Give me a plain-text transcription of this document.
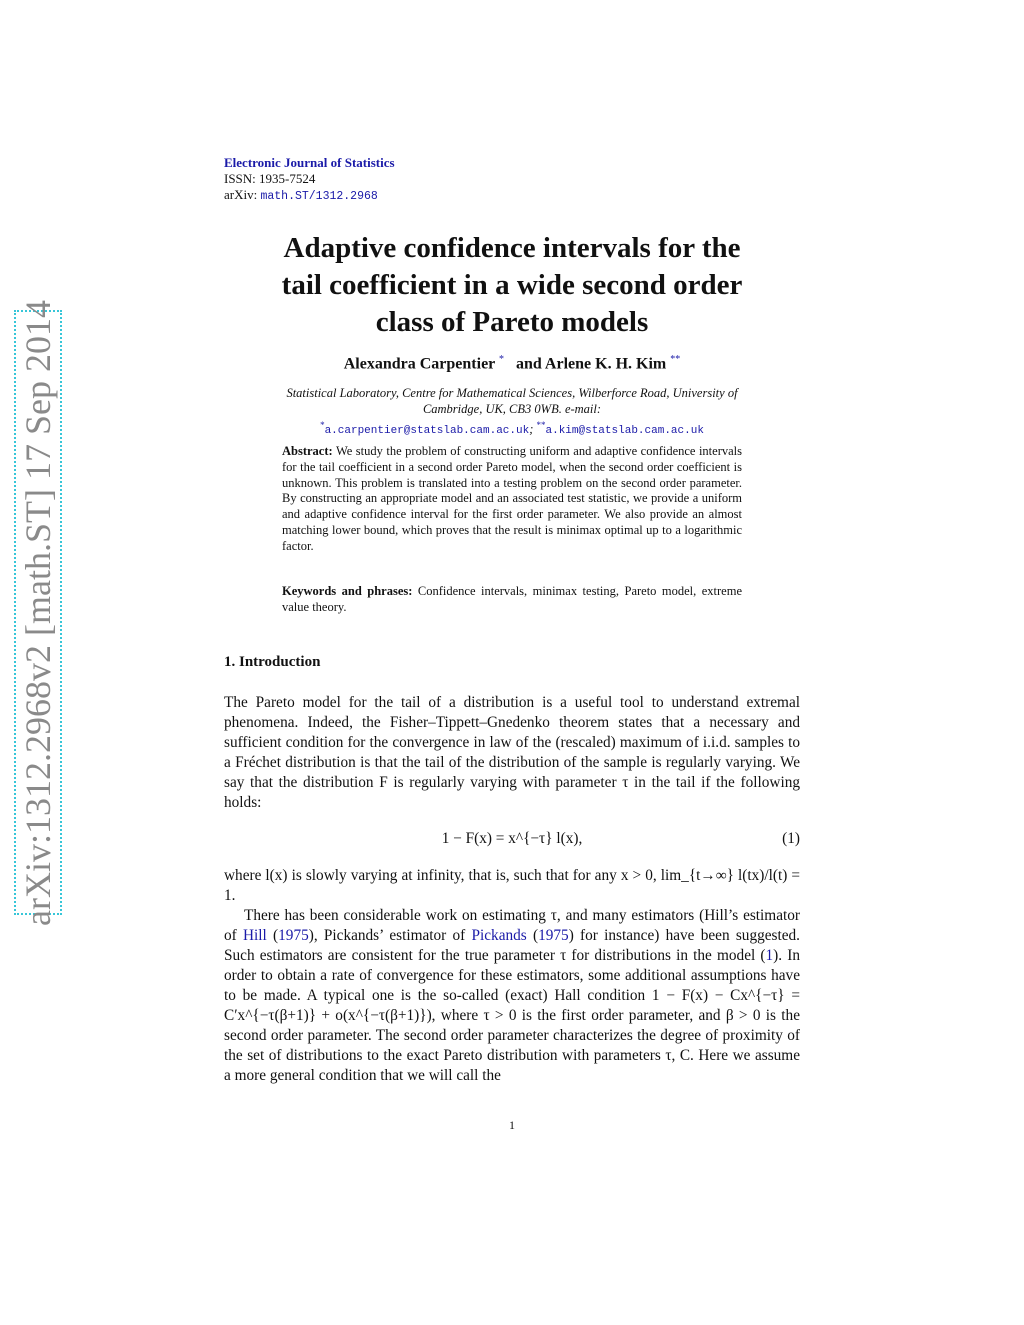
arXiv:1312.2968v2 [math.ST] 17 Sep 2014
Electronic Journal of Statistics
ISSN: 1935-7524
arXiv: math.ST/1312.2968
Adaptive confidence intervals for the
tail coefficient in a wide second order
class of Pareto models
Alexandra Carpentier * and Arlene K. H. Kim **
Statistical Laboratory, Centre for Mathematical Sciences, Wilberforce Road, University of
Cambridge, UK, CB3 0WB. e-mail:
*a.carpentier@statslab.cam.ac.uk; **a.kim@statslab.cam.ac.uk
Abstract: We study the problem of constructing uniform and adaptive confidence intervals for the tail coefficient in a second order Pareto model, when the second order coefficient is unknown. This problem is translated into a testing problem on the second order parameter. By constructing an appropriate model and an associated test statistic, we provide a uniform and adaptive confidence interval for the first order parameter. We also provide an almost matching lower bound, which proves that the result is minimax optimal up to a logarithmic factor.
Keywords and phrases: Confidence intervals, minimax testing, Pareto model, extreme value theory.
1. Introduction
The Pareto model for the tail of a distribution is a useful tool to understand extremal phenomena. Indeed, the Fisher–Tippett–Gnedenko theorem states that a necessary and sufficient condition for the convergence in law of the (rescaled) maximum of i.i.d. samples to a Fréchet distribution is that the tail of the distribution of the sample is regularly varying. We say that the distribution F is regularly varying with parameter τ in the tail if the following holds:
1 − F(x) = x^{−τ} l(x),	(1)
where l(x) is slowly varying at infinity, that is, such that for any x > 0, lim_{t→∞} l(tx)/l(t) = 1.
There has been considerable work on estimating τ, and many estimators (Hill’s estimator of Hill (1975), Pickands’ estimator of Pickands (1975) for instance) have been suggested. Such estimators are consistent for the true parameter τ for distributions in the model (1). In order to obtain a rate of convergence for these estimators, some additional assumptions have to be made. A typical one is the so-called (exact) Hall condition 1 − F(x) − Cx^{−τ} = C′x^{−τ(β+1)} + o(x^{−τ(β+1)}), where τ > 0 is the first order parameter, and β > 0 is the second order parameter. The second order parameter characterizes the degree of proximity of the set of distributions to the exact Pareto distribution with parameters τ, C. Here we assume a more general condition that we will call the
1
